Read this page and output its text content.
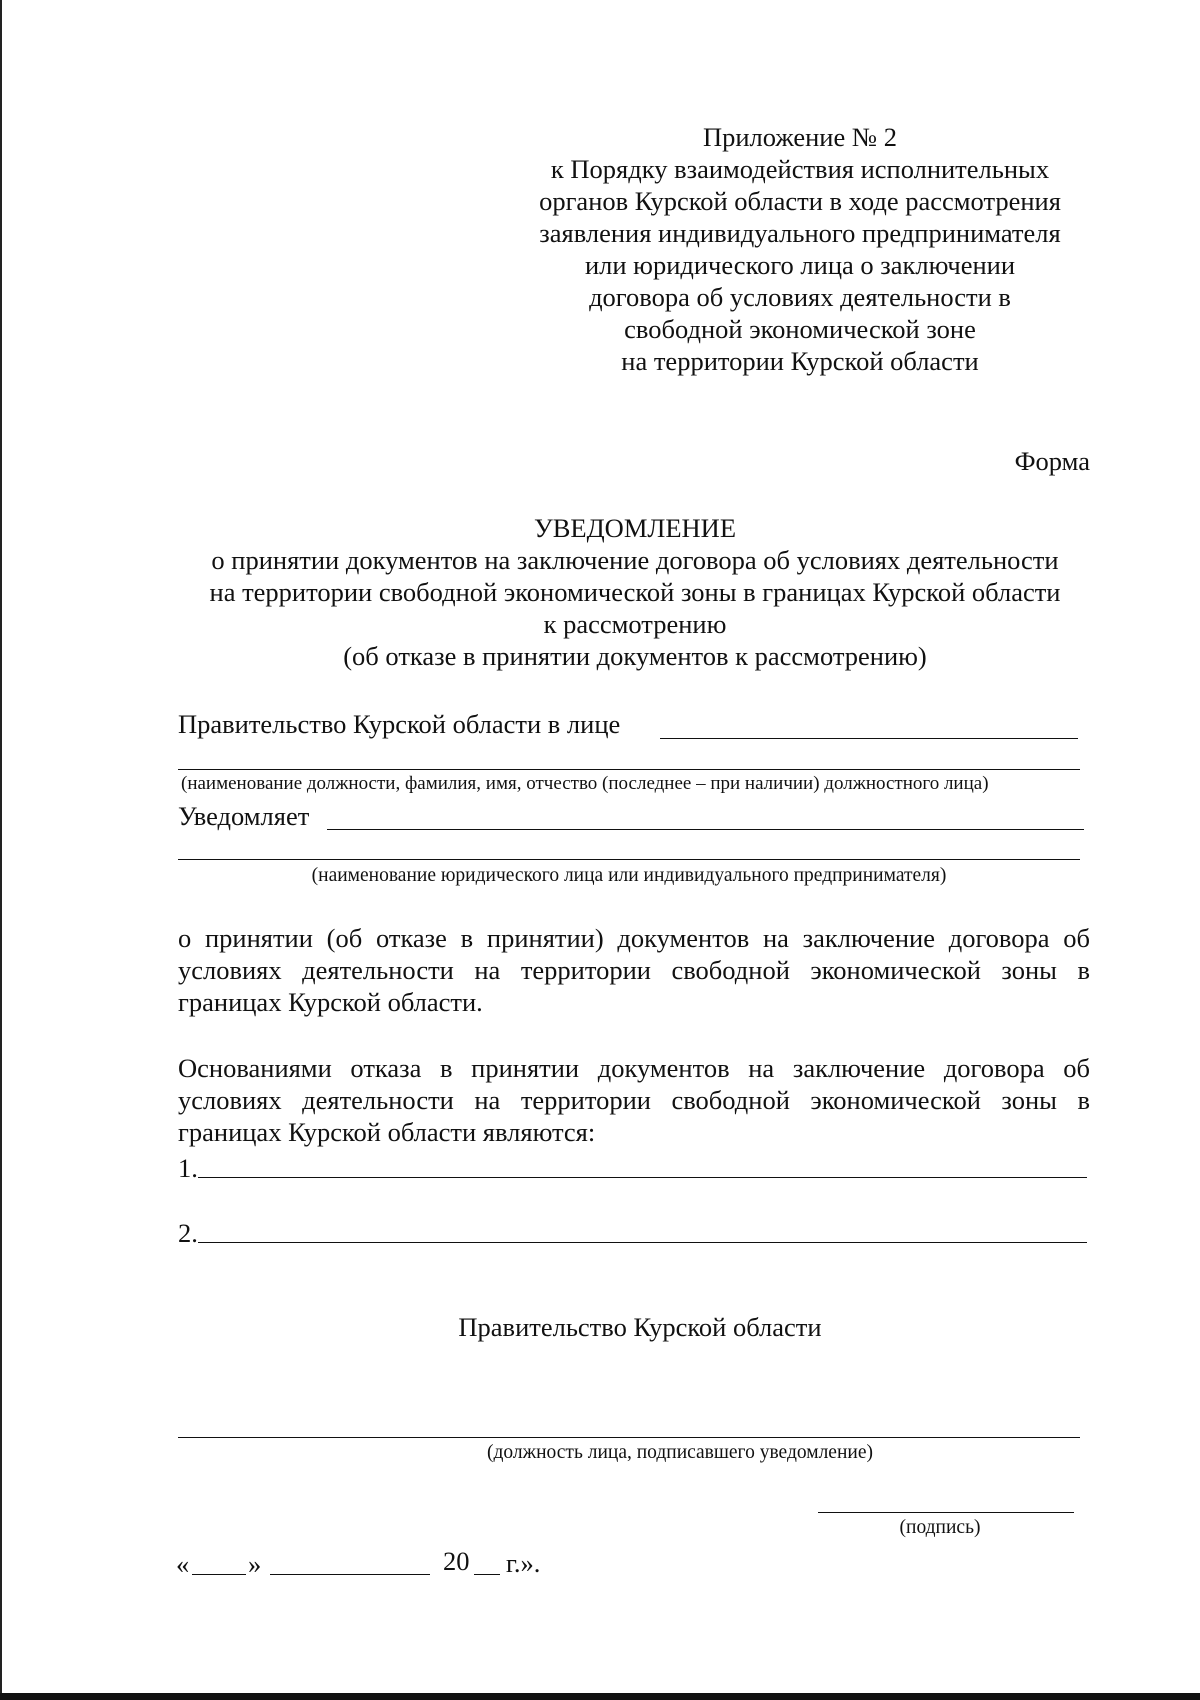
Приложение № 2
к Порядку взаимодействия исполнительных
органов Курской области в ходе рассмотрения
заявления индивидуального предпринимателя
или юридического лица о заключении
договора об условиях деятельности в
свободной экономической зоне
на территории Курской области
Форма
УВЕДОМЛЕНИЕ
о принятии документов на заключение договора об условиях деятельности
на территории свободной экономической зоны в границах Курской области
к рассмотрению
(об отказе в принятии документов к рассмотрению)
Правительство Курской области в лице
(наименование должности, фамилия, имя, отчество (последнее – при наличии) должностного лица)
Уведомляет
(наименование юридического лица или индивидуального предпринимателя)
о принятии (об отказе в принятии) документов на заключение договора об
условиях деятельности на территории свободной экономической зоны в
границах Курской области.
Основаниями отказа в принятии документов на заключение договора об
условиях деятельности на территории свободной экономической зоны в
границах Курской области являются:
1.
2.
Правительство Курской области
(должность лица, подписавшего уведомление)
(подпись)
« »	20 г.».
